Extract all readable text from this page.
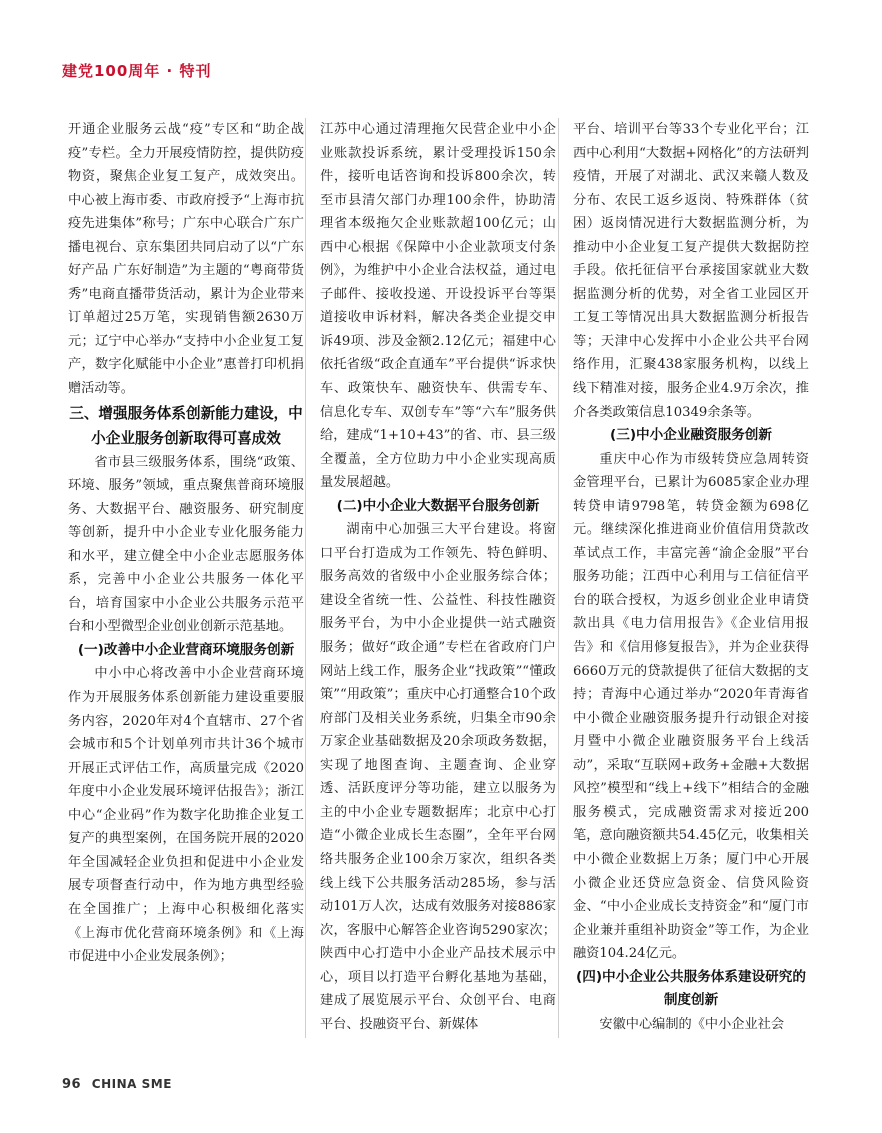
建党100周年 · 特刊

开通企业服务云战“疫”专区和“助企战疫”专栏。全力开展疫情防控，提供防疫物资，聚焦企业复工复产，成效突出。中心被上海市委、市政府授予“上海市抗疫先进集体”称号；广东中心联合广东广播电视台、京东集团共同启动了以“广东好产品 广东好制造”为主题的“粤商带货秀”电商直播带货活动，累计为企业带来订单超过25万笔，实现销售额2630万元；辽宁中心举办“支持中小企业复工复产，数字化赋能中小企业”惠普打印机捐赠活动等。

三、增强服务体系创新能力建设，中小企业服务创新取得可喜成效

省市县三级服务体系，围绕“政策、环境、服务”领域，重点聚焦普商环境服务、大数据平台、融资服务、研究制度等创新，提升中小企业专业化服务能力和水平，建立健全中小企业志愿服务体系，完善中小企业公共服务一体化平台，培育国家中小企业公共服务示范平台和小型微型企业创业创新示范基地。

(一)改善中小企业营商环境服务创新

中小中心将改善中小企业营商环境作为开展服务体系创新能力建设重要服务内容，2020年对4个直辖市、27个省会城市和5个计划单列市共计36个城市开展正式评估工作，高质量完成《2020年度中小企业发展环境评估报告》；浙江中心“企业码”作为数字化助推企业复工复产的典型案例，在国务院开展的2020年全国减轻企业负担和促进中小企业发展专项督查行动中，作为地方典型经验在全国推广；上海中心积极细化落实《上海市优化营商环境条例》和《上海市促进中小企业发展条例》；

江苏中心通过清理拖欠民营企业中小企业账款投诉系统，累计受理投诉150余件，接听电话咨询和投诉800余次，转至市县清欠部门办理100余件，协助清理省本级拖欠企业账款超100亿元；山西中心根据《保障中小企业款项支付条例》，为维护中小企业合法权益，通过电子邮件、接收投递、开设投诉平台等渠道接收申诉材料，解决各类企业提交申诉49项、涉及金额2.12亿元；福建中心依托省级“政企直通车”平台提供“诉求快车、政策快车、融资快车、供需专车、信息化专车、双创专车”等“六车”服务供给，建成“1+10+43”的省、市、县三级全覆盖，全方位助力中小企业实现高质量发展超越。

(二)中小企业大数据平台服务创新

湖南中心加强三大平台建设。将窗口平台打造成为工作领先、特色鲜明、服务高效的省级中小企业服务综合体；建设全省统一性、公益性、科技性融资服务平台，为中小企业提供一站式融资服务；做好“政企通”专栏在省政府门户网站上线工作，服务企业“找政策”“懂政策”“用政策”；重庆中心打通整合10个政府部门及相关业务系统，归集全市90余万家企业基础数据及20余项政务数据，实现了地图查询、主题查询、企业穿透、活跃度评分等功能，建立以服务为主的中小企业专题数据库；北京中心打造“小微企业成长生态圈”，全年平台网络共服务企业100余万家次，组织各类线上线下公共服务活动285场，参与活动101万人次，达成有效服务对接886家次，客服中心解答企业咨询5290家次；陕西中心打造中小企业产品技术展示中心，项目以打造平台孵化基地为基础，建成了展览展示平台、众创平台、电商平台、投融资平台、新媒体

平台、培训平台等33个专业化平台；江西中心利用“大数据+网格化”的方法研判疫情，开展了对湖北、武汉来赣人数及分布、农民工返乡返岗、特殊群体（贫困）返岗情况进行大数据监测分析，为推动中小企业复工复产提供大数据防控手段。依托征信平台承接国家就业大数据监测分析的优势，对全省工业园区开工复工等情况出具大数据监测分析报告等；天津中心发挥中小企业公共平台网络作用，汇聚438家服务机构，以线上线下精准对接，服务企业4.9万余次，推介各类政策信息10349余条等。

(三)中小企业融资服务创新

重庆中心作为市级转贷应急周转资金管理平台，已累计为6085家企业办理转贷申请9798笔，转贷金额为698亿元。继续深化推进商业价值信用贷款改革试点工作，丰富完善“渝企金服”平台服务功能；江西中心利用与工信征信平台的联合授权，为返乡创业企业申请贷款出具《电力信用报告》《企业信用报告》和《信用修复报告》，并为企业获得6660万元的贷款提供了征信大数据的支持；青海中心通过举办“2020年青海省中小微企业融资服务提升行动银企对接月暨中小微企业融资服务平台上线活动”，采取“互联网+政务+金融+大数据风控”模型和“线上+线下”相结合的金融服务模式，完成融资需求对接近200笔，意向融资额共54.45亿元，收集相关中小微企业数据上万条；厦门中心开展小微企业还贷应急资金、信贷风险资金、“中小企业成长支持资金”和“厦门市企业兼并重组补助资金”等工作，为企业融资104.24亿元。

(四)中小企业公共服务体系建设研究的制度创新

安徽中心编制的《中小企业社会

96 CHINA SME
